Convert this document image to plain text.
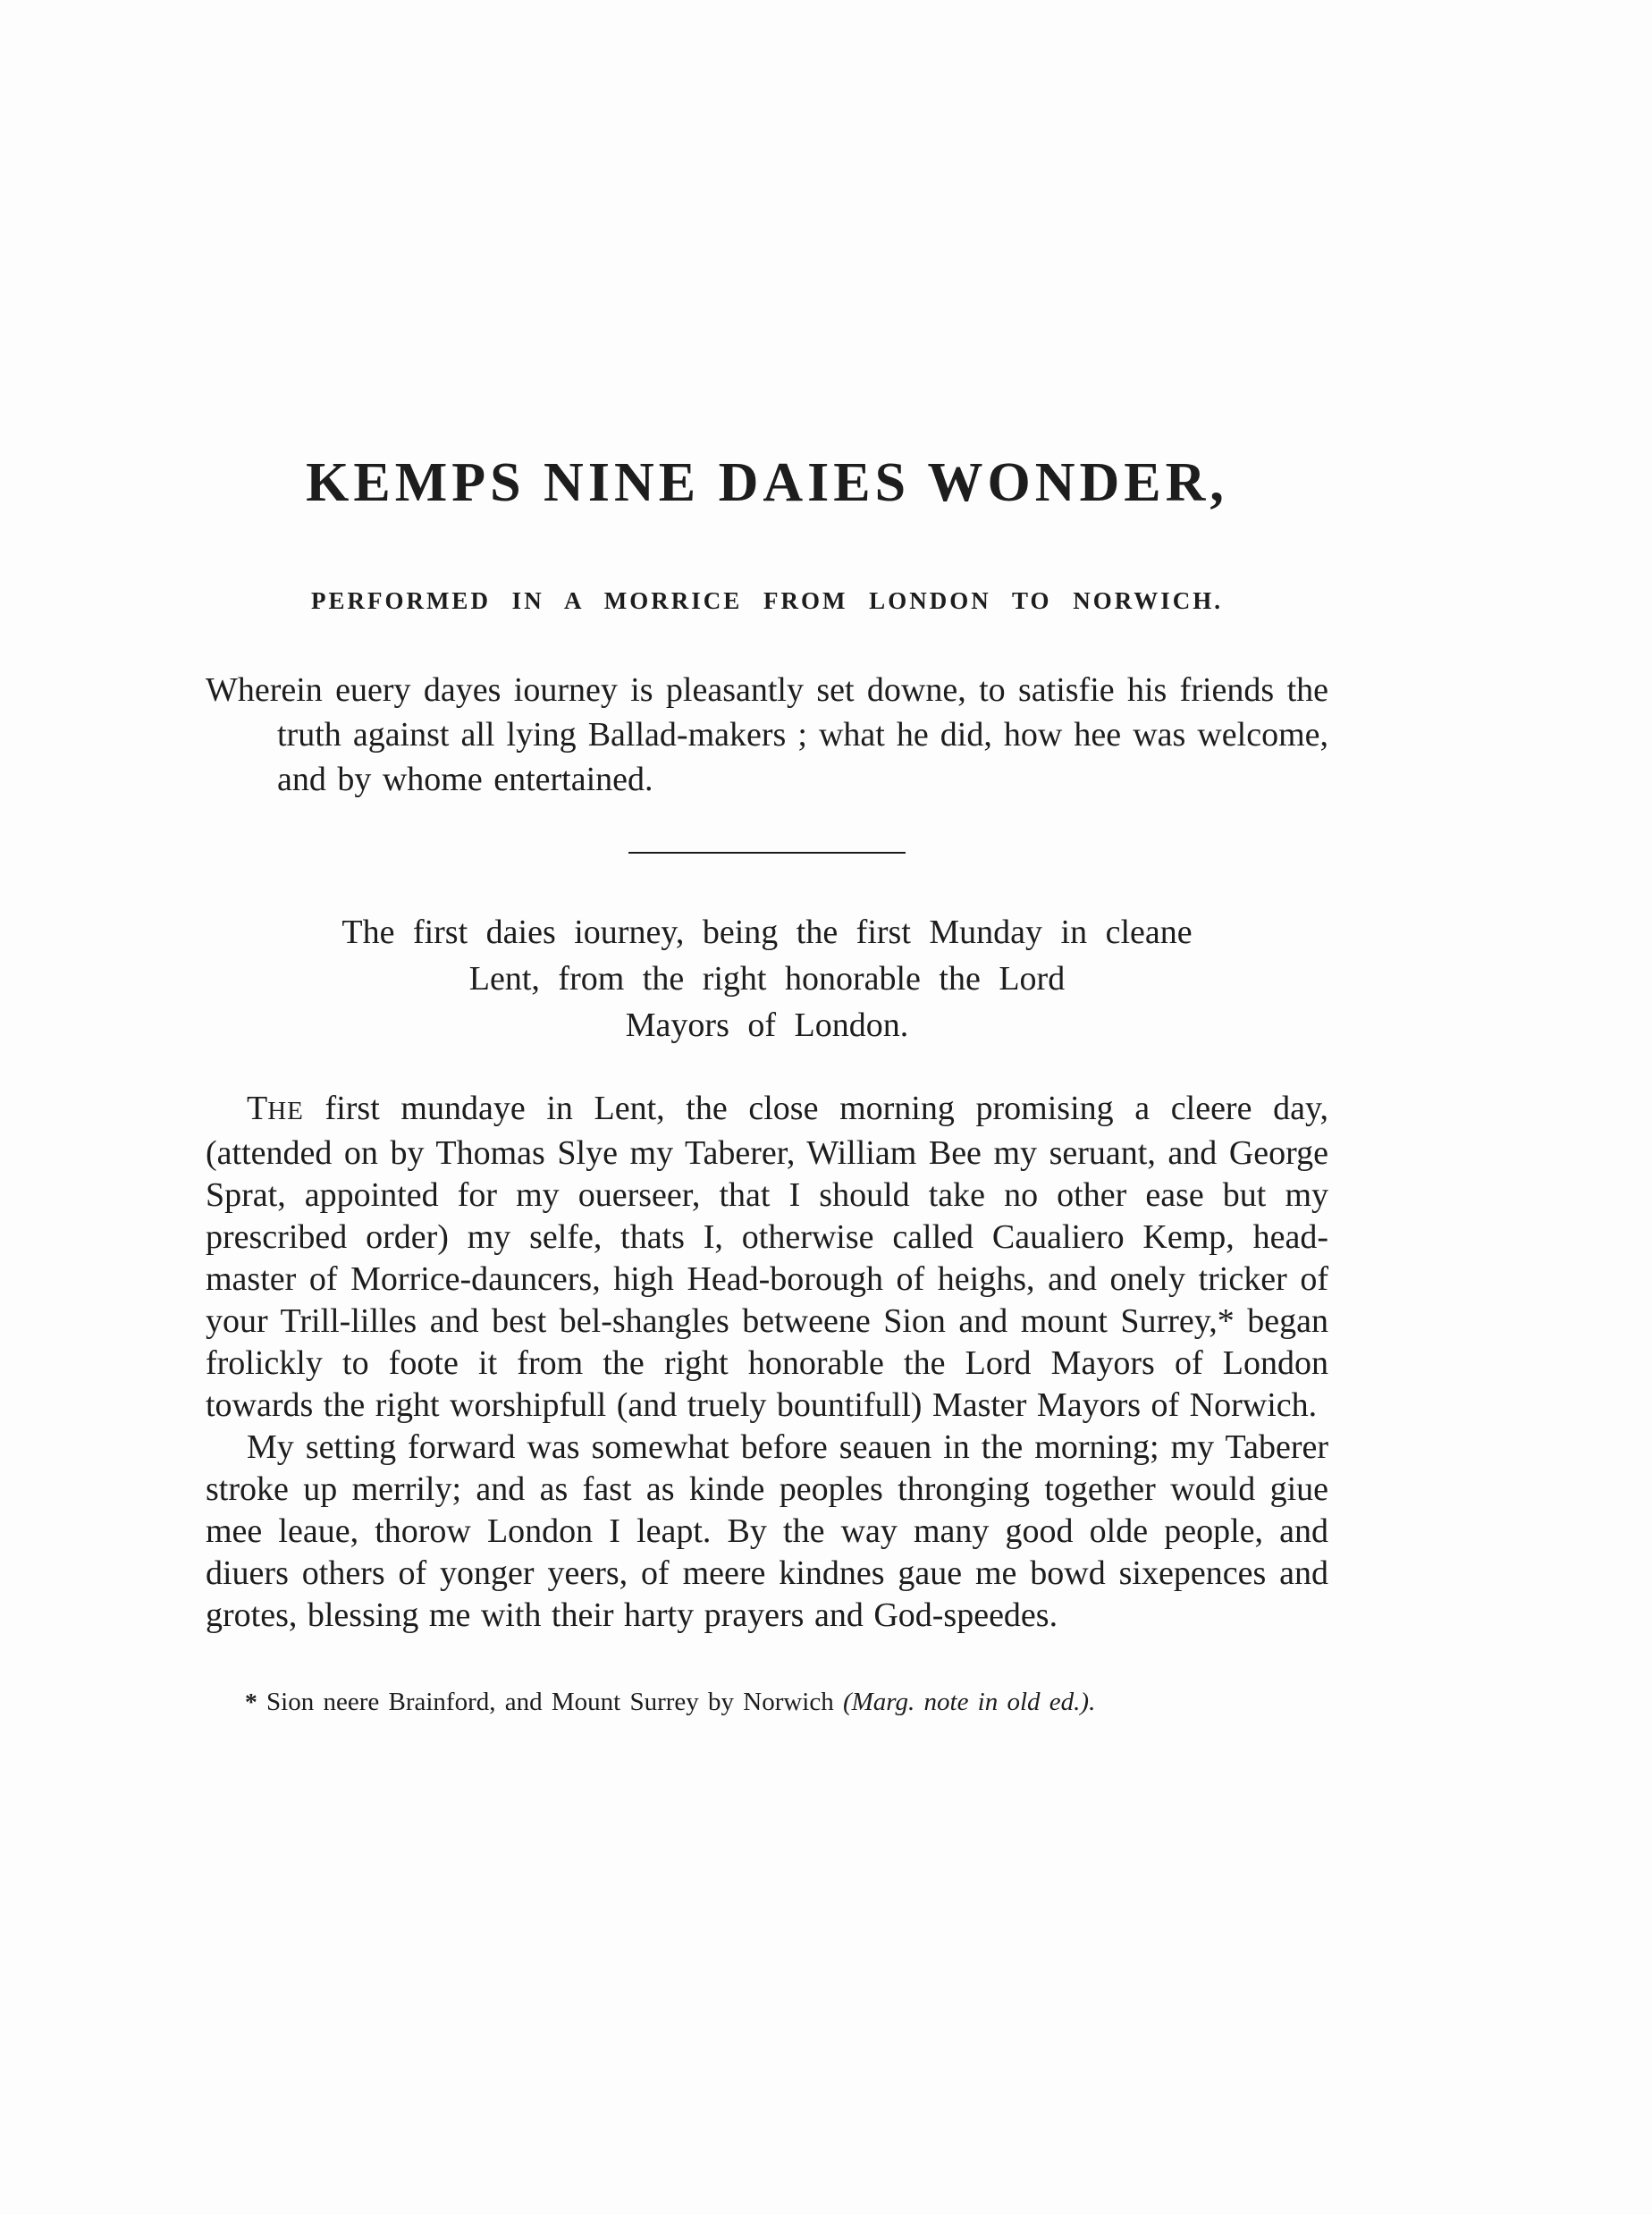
KEMPS NINE DAIES WONDER,
PERFORMED IN A MORRICE FROM LONDON TO NORWICH.

Wherein euery dayes iourney is pleasantly set downe, to satisfie his friends the truth against all lying Ballad-makers ; what he did, how hee was welcome, and by whome entertained.

The first daies iourney, being the first Munday in cleane
Lent, from the right honorable the Lord
Mayors of London.

THE first mundaye in Lent, the close morning promising a cleere day, (attended on by Thomas Slye my Taberer, William Bee my seruant, and George Sprat, appointed for my ouerseer, that I should take no other ease but my prescribed order) my selfe, thats I, otherwise called Caualiero Kemp, head-master of Morrice-dauncers, high Head-borough of heighs, and onely tricker of your Trill-lilles and best bel-shangles betweene Sion and mount Surrey,* began frolickly to foote it from the right honorable the Lord Mayors of London towards the right worshipfull (and truely bountifull) Master Mayors of Norwich.

My setting forward was somewhat before seauen in the morning; my Taberer stroke up merrily; and as fast as kinde peoples thronging together would giue mee leaue, thorow London I leapt. By the way many good olde people, and diuers others of yonger yeers, of meere kindnes gaue me bowd sixepences and grotes, blessing me with their harty prayers and God-speedes.

* Sion neere Brainford, and Mount Surrey by Norwich (Marg. note in old ed.).
